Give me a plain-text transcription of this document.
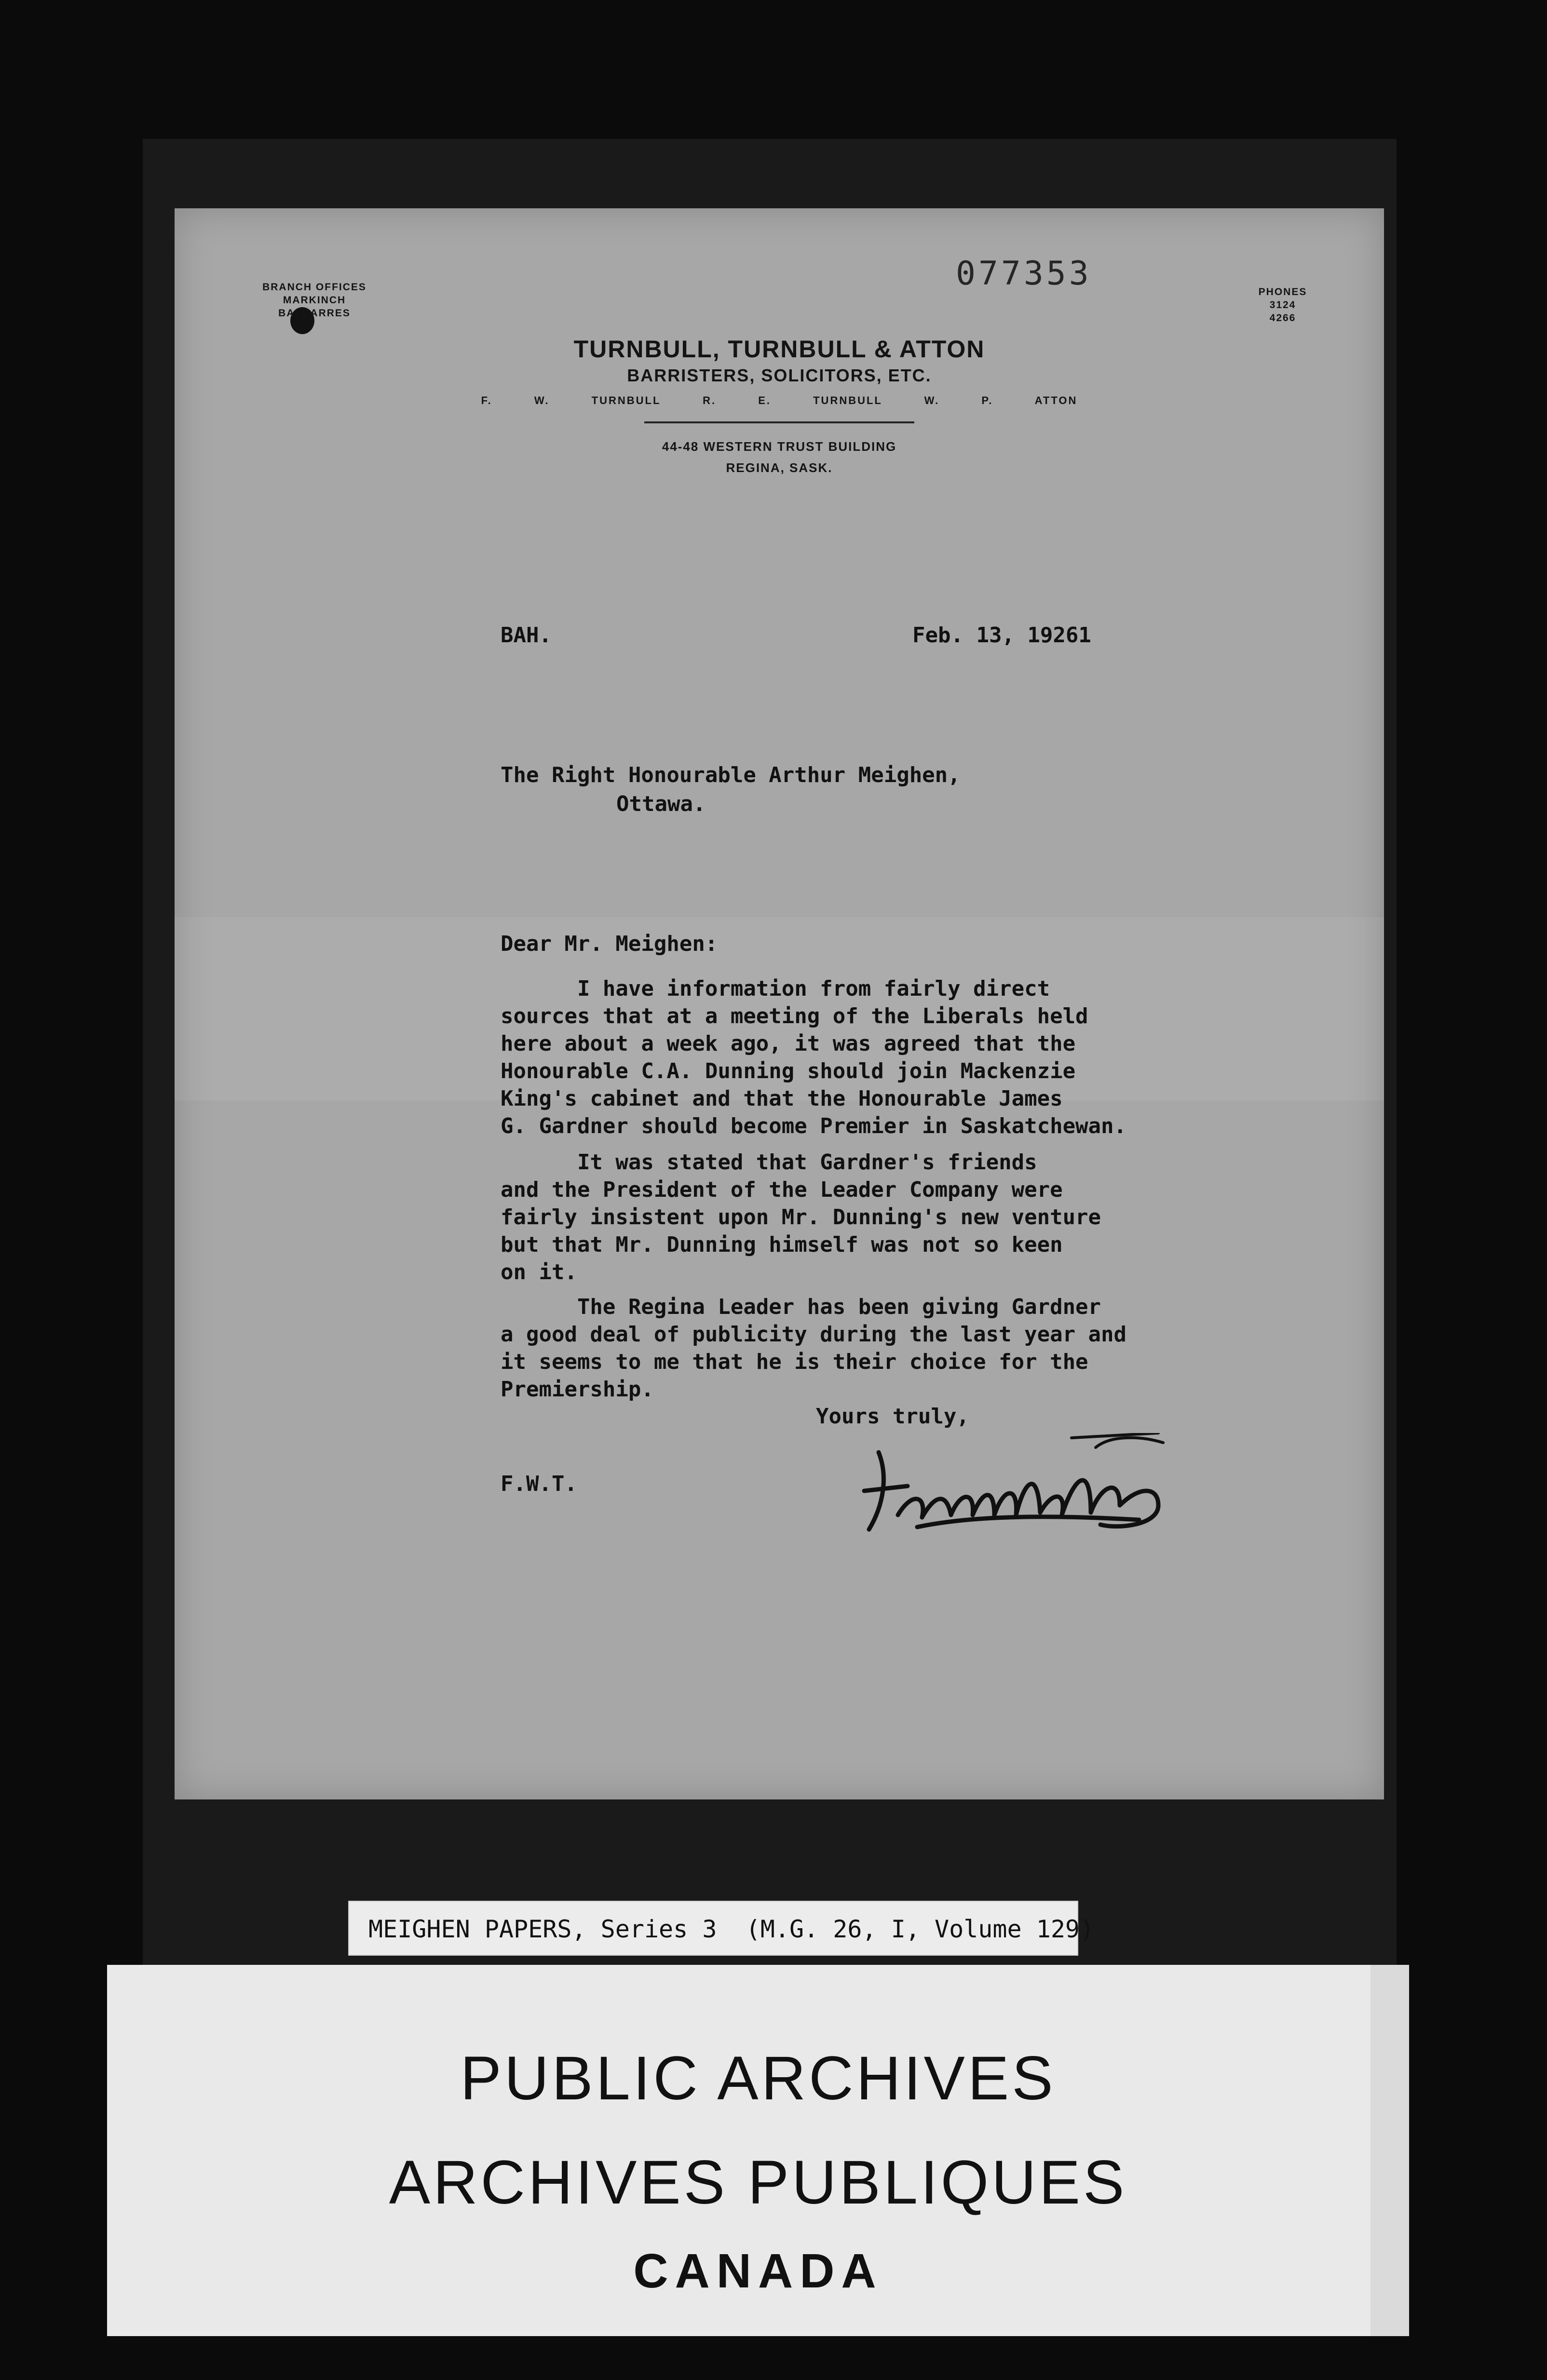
BRANCH OFFICES
MARKINCH
BALCARRES
077353	PHONES
3124
4266
TURNBULL, TURNBULL & ATTON
BARRISTERS, SOLICITORS, ETC.
F. W. TURNBULL	R. E. TURNBULL	W. P. ATTON
44-48 WESTERN TRUST BUILDING
REGINA, SASK.
BAH.	Feb. 13, 19261
The Right Honourable Arthur Meighen,
Ottawa.
Dear Mr. Meighen:
I have information from fairly direct
sources that at a meeting of the Liberals held
here about a week ago, it was agreed that the
Honourable C.A. Dunning should join Mackenzie
King's cabinet and that the Honourable James
G. Gardner should become Premier in Saskatchewan.
It was stated that Gardner's friends
and the President of the Leader Company were
fairly insistent upon Mr. Dunning's new venture
but that Mr. Dunning himself was not so keen
on it.
The Regina Leader has been giving Gardner
a good deal of publicity during the last year and
it seems to me that he is their choice for the
Premiership.
Yours truly,
F.W.T.
MEIGHEN PAPERS, Series 3  (M.G. 26, I, Volume 129)
PUBLIC ARCHIVES
ARCHIVES PUBLIQUES
CANADA
